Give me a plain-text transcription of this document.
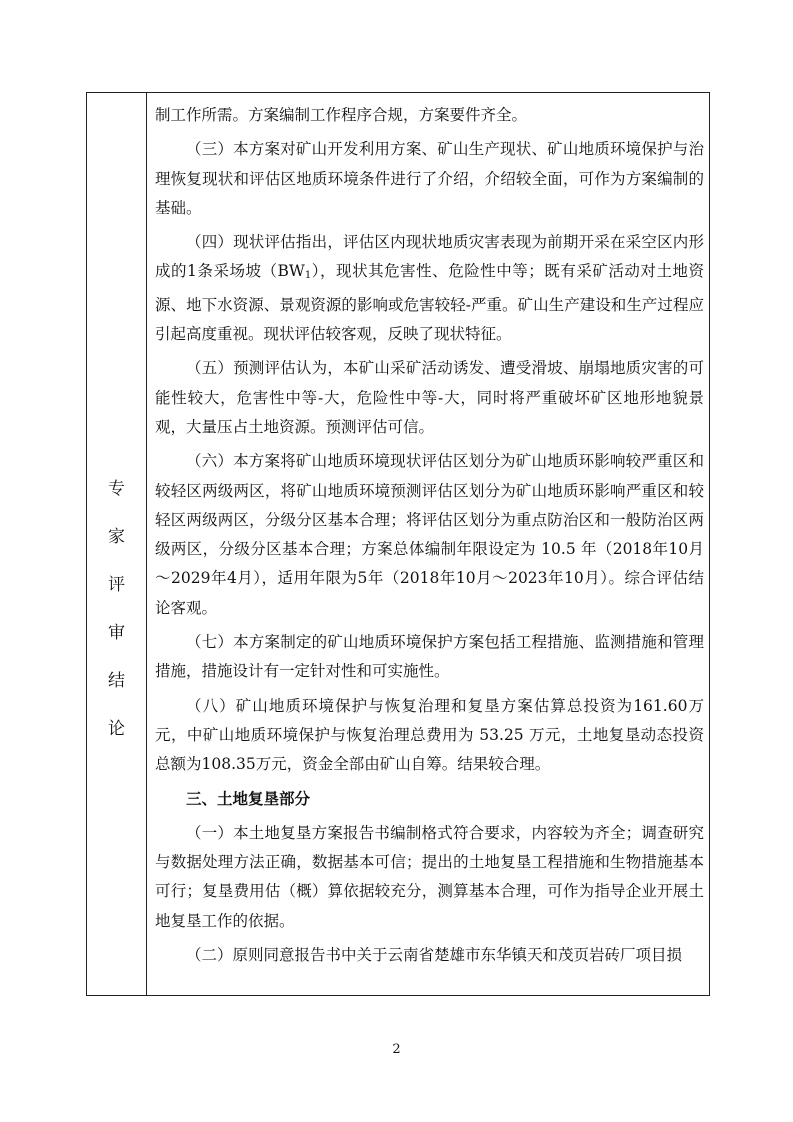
专
家
评
审
结
论

制工作所需。方案编制工作程序合规，方案要件齐全。

（三）本方案对矿山开发利用方案、矿山生产现状、矿山地质环境保护与治理恢复现状和评估区地质环境条件进行了介绍，介绍较全面，可作为方案编制的基础。

（四）现状评估指出，评估区内现状地质灾害表现为前期开采在采空区内形成的1条采场坡$(BW_1)$，现状其危害性、危险性中等；既有采矿活动对土地资源、地下水资源、景观资源的影响或危害较轻-严重。矿山生产建设和生产过程应引起高度重视。现状评估较客观，反映了现状特征。

（五）预测评估认为，本矿山采矿活动诱发、遭受滑坡、崩塌地质灾害的可能性较大，危害性中等-大，危险性中等-大，同时将严重破坏矿区地形地貌景观，大量压占土地资源。预测评估可信。

（六）本方案将矿山地质环境现状评估区划分为矿山地质环影响较严重区和较轻区两级两区，将矿山地质环境预测评估区划分为矿山地质环影响严重区和较轻区两级两区，分级分区基本合理；将评估区划分为重点防治区和一般防治区两级两区，分级分区基本合理；方案总体编制年限设定为 10.5 年（2018年10月～2029年4月），适用年限为5年（2018年10月～2023年10月）。综合评估结论客观。

（七）本方案制定的矿山地质环境保护方案包括工程措施、监测措施和管理措施，措施设计有一定针对性和可实施性。

（八）矿山地质环境保护与恢复治理和复垦方案估算总投资为161.60万元，中矿山地质环境保护与恢复治理总费用为 53.25 万元，土地复垦动态投资总额为108.35万元，资金全部由矿山自筹。结果较合理。

三、土地复垦部分

（一）本土地复垦方案报告书编制格式符合要求，内容较为齐全；调查研究与数据处理方法正确，数据基本可信；提出的土地复垦工程措施和生物措施基本可行；复垦费用估（概）算依据较充分，测算基本合理，可作为指导企业开展土地复垦工作的依据。

（二）原则同意报告书中关于云南省楚雄市东华镇天和茂页岩砖厂项目损

2
